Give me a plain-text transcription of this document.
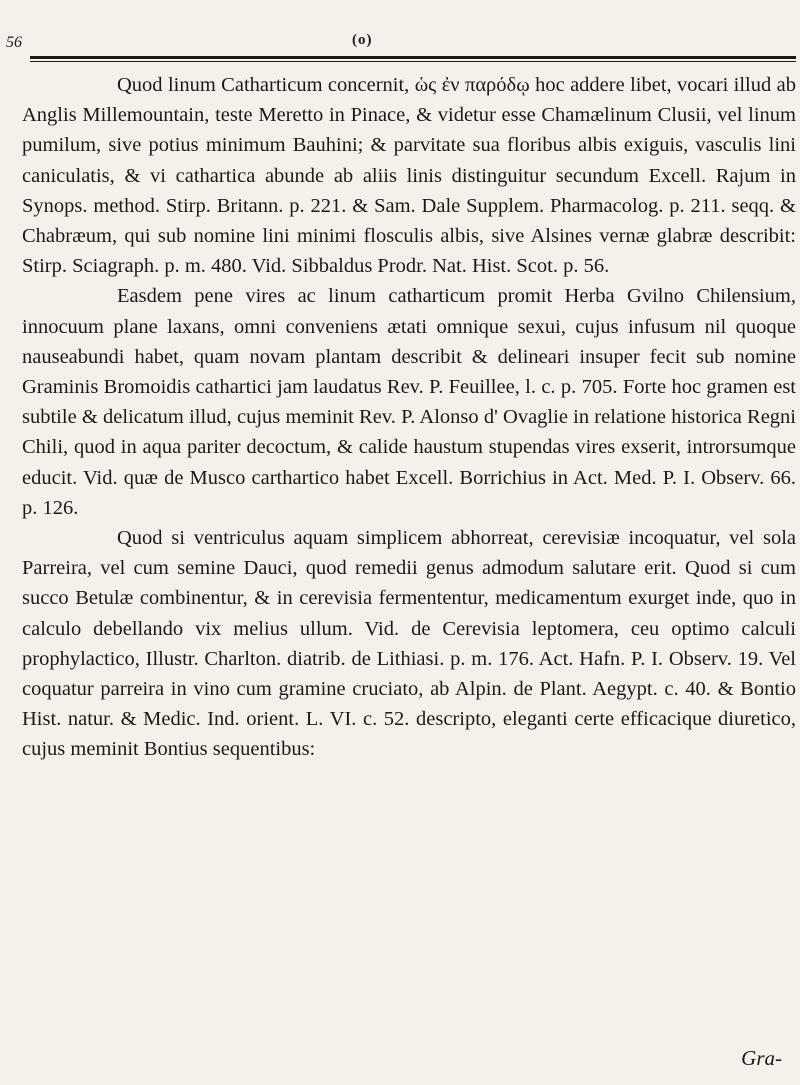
56	(o)

Quod linum Catharticum concernit, ὡς ἐν παρόδῳ hoc addere libet, vocari illud ab Anglis Millemountain, teste Meretto in Pinace, & videtur esse Chamælinum Clusii, vel linum pumilum, sive potius minimum Bauhini; & parvitate sua floribus albis exiguis, vasculis lini caniculatis, & vi cathartica abunde ab aliis linis distinguitur secundum Excell. Rajum in Synops. method. Stirp. Britann. p. 221. & Sam. Dale Supplem. Pharmacolog. p. 211. seqq. & Chabræum, qui sub nomine lini minimi flosculis albis, sive Alsines vernæ glabræ describit: Stirp. Sciagraph. p. m. 480. Vid. Sibbaldus Prodr. Nat. Hist. Scot. p. 56.

Easdem pene vires ac linum catharticum promit Herba Gvilno Chilensium, innocuum plane laxans, omni conveniens ætati omnique sexui, cujus infusum nil quoque nauseabundi habet, quam novam plantam describit & delineari insuper fecit sub nomine Graminis Bromoidis cathartici jam laudatus Rev. P. Feuillee, l. c. p. 705. Forte hoc gramen est subtile & delicatum illud, cujus meminit Rev. P. Alonso d' Ovaglie in relatione historica Regni Chili, quod in aqua pariter decoctum, & calide haustum stupendas vires exserit, introrsumque educit. Vid. quæ de Musco carthartico habet Excell. Borrichius in Act. Med. P. I. Observ. 66. p. 126.

Quod si ventriculus aquam simplicem abhorreat, cerevisiæ incoquatur, vel sola Parreira, vel cum semine Dauci, quod remedii genus admodum salutare erit. Quod si cum succo Betulæ combinentur, & in cerevisia fermententur, medicamentum exurget inde, quo in calculo debellando vix melius ullum. Vid. de Cerevisia leptomera, ceu optimo calculi prophylactico, Illustr. Charlton. diatrib. de Lithiasi. p. m. 176. Act. Hafn. P. I. Observ. 19. Vel coquatur parreira in vino cum gramine cruciato, ab Alpin. de Plant. Aegypt. c. 40. & Bontio Hist. natur. & Medic. Ind. orient. L. VI. c. 52. descripto, eleganti certe efficacique diuretico, cujus meminit Bontius sequentibus:

Gra-
